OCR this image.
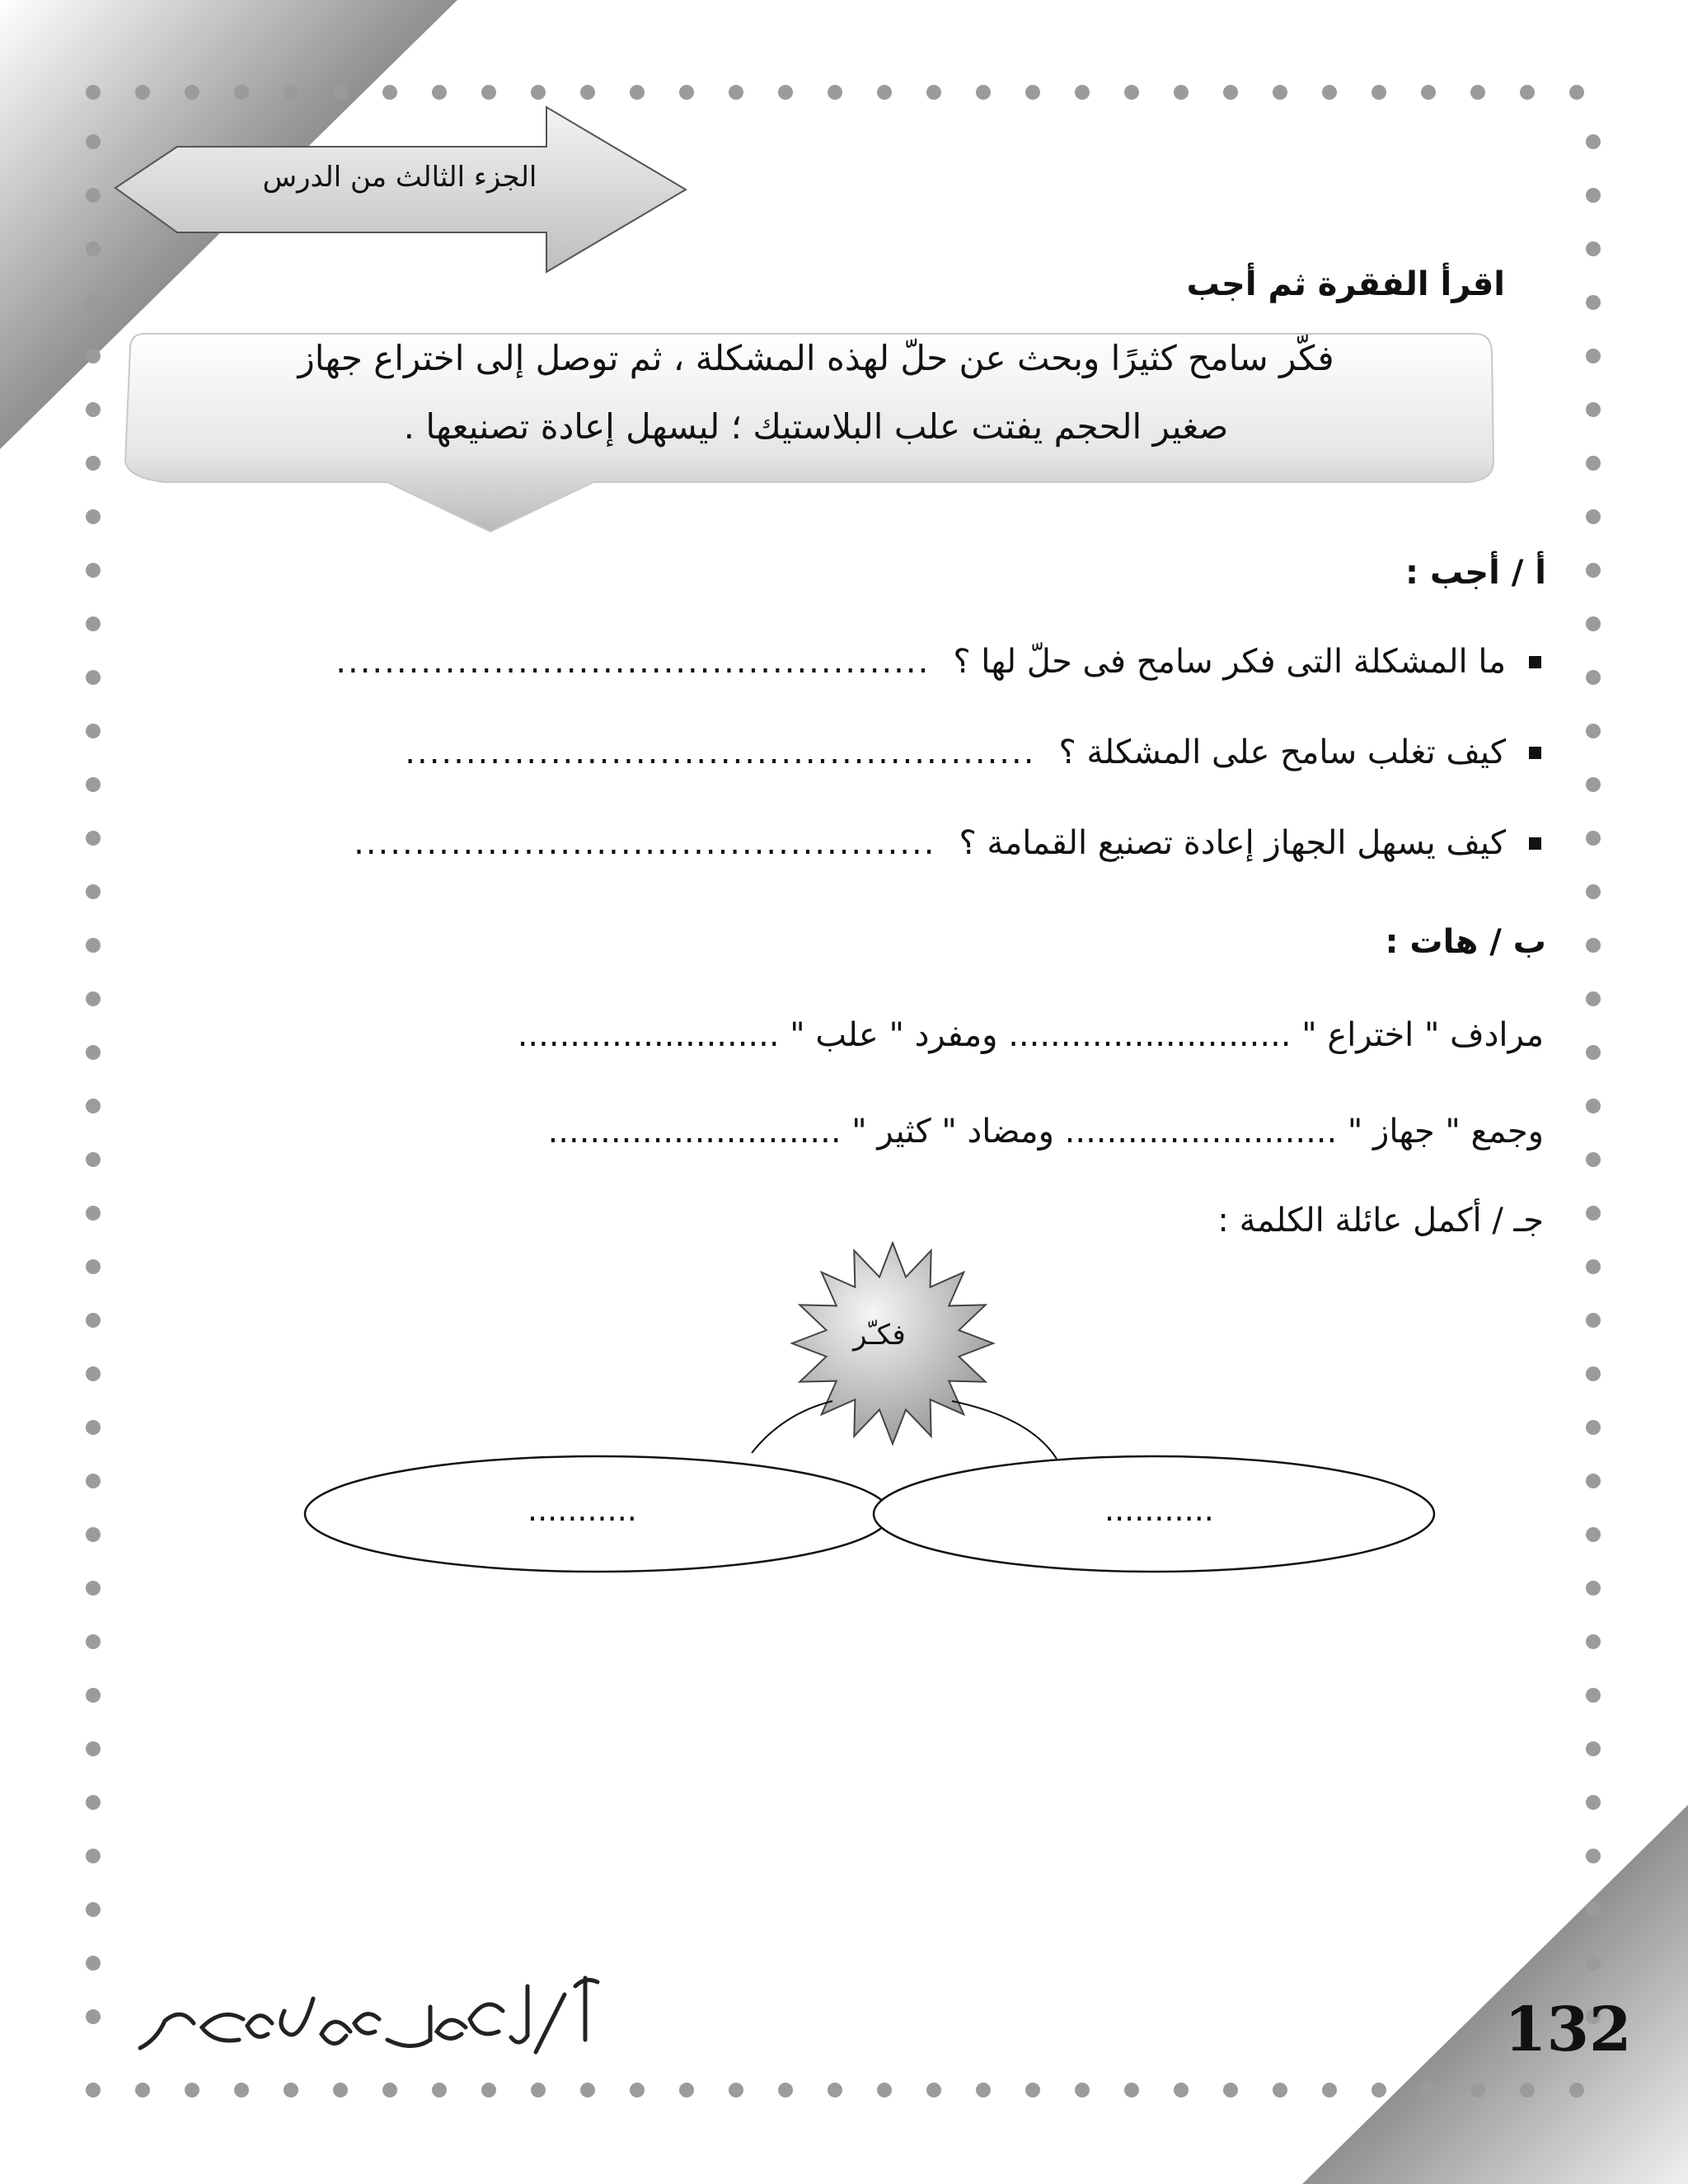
الجزء الثالث من الدرس
اقرأ الفقرة ثم أجب
فكّر سامح كثيرًا وبحث عن حلّ لهذه المشكلة ، ثم توصل إلى اختراع جهاز
صغير الحجم يفتت علب البلاستيك ؛ ليسهل إعادة تصنيعها .
أ / أجب :
ما المشكلة التى فكر سامح فى حلّ لها ؟
.................................................
كيف تغلب سامح على المشكلة ؟
....................................................
كيف يسهل الجهاز إعادة تصنيع القمامة ؟
................................................
ب / هات :
مرادف " اختراع " ........................... ومفرد " علب " .........................
وجمع " جهاز " .......................... ومضاد " كثير " ............................
جـ / أكمل عائلة الكلمة :
فكـّر
...........	...........
132
